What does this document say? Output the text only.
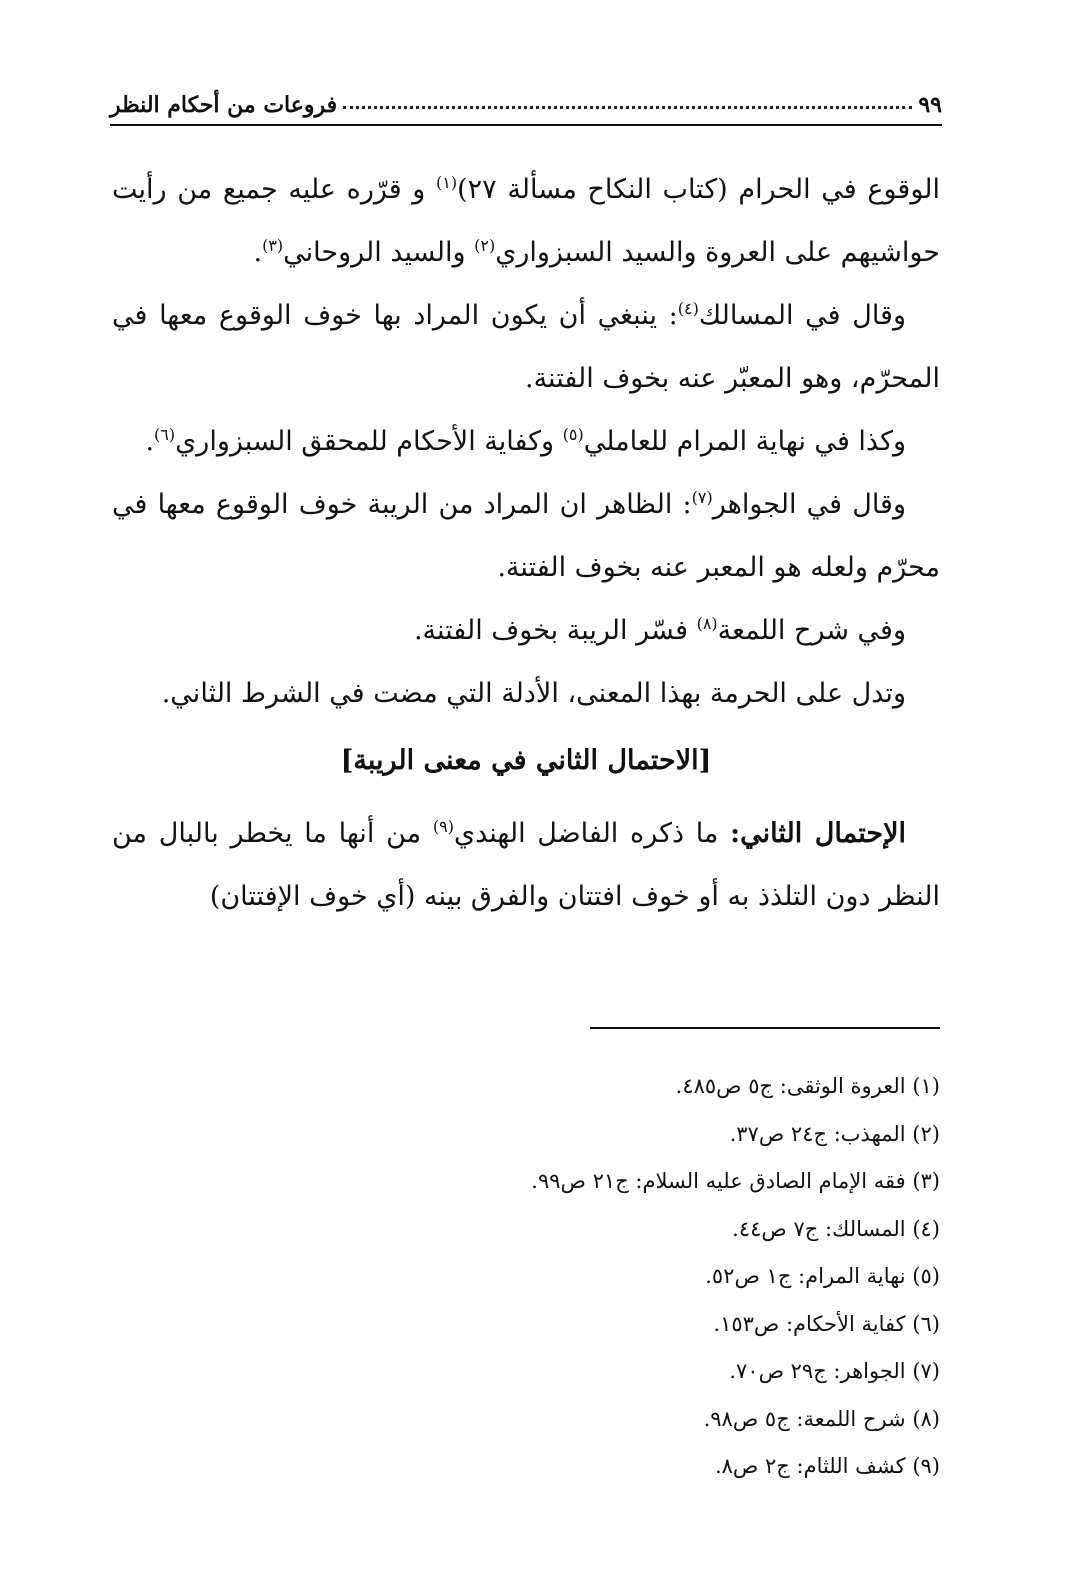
٩٩
فروعات من أحكام النظر

الوقوع في الحرام (كتاب النكاح مسألة ٢٧)$^{(١)}$ و قرّره عليه جميع من رأيت حواشيهم على العروة والسيد السبزواري$^{(٢)}$ والسيد الروحاني$^{(٣)}$.

وقال في المسالك$^{(٤)}$: ينبغي أن يكون المراد بها خوف الوقوع معها في المحرّم، وهو المعبّر عنه بخوف الفتنة.

وكذا في نهاية المرام للعاملي$^{(٥)}$ وكفاية الأحكام للمحقق السبزواري$^{(٦)}$.

وقال في الجواهر$^{(٧)}$: الظاهر ان المراد من الريبة خوف الوقوع معها في محرّم ولعله هو المعبر عنه بخوف الفتنة.

وفي شرح اللمعة$^{(٨)}$ فسّر الريبة بخوف الفتنة.

وتدل على الحرمة بهذا المعنى، الأدلة التي مضت في الشرط الثاني.

[الاحتمال الثاني في معنى الريبة]

الإحتمال الثاني: ما ذكره الفاضل الهندي$^{(٩)}$ من أنها ما يخطر بالبال من النظر دون التلذذ به أو خوف افتتان والفرق بينه (أي خوف الإفتتان)

(١) العروة الوثقى: ج٥ ص٤٨٥.
(٢) المهذب: ج٢٤ ص٣٧.
(٣) فقه الإمام الصادق عليه السلام: ج٢١ ص٩٩.
(٤) المسالك: ج٧ ص٤٤.
(٥) نهاية المرام: ج١ ص٥٢.
(٦) كفاية الأحكام: ص١٥٣.
(٧) الجواهر: ج٢٩ ص٧٠.
(٨) شرح اللمعة: ج٥ ص٩٨.
(٩) كشف اللثام: ج٢ ص٨.
